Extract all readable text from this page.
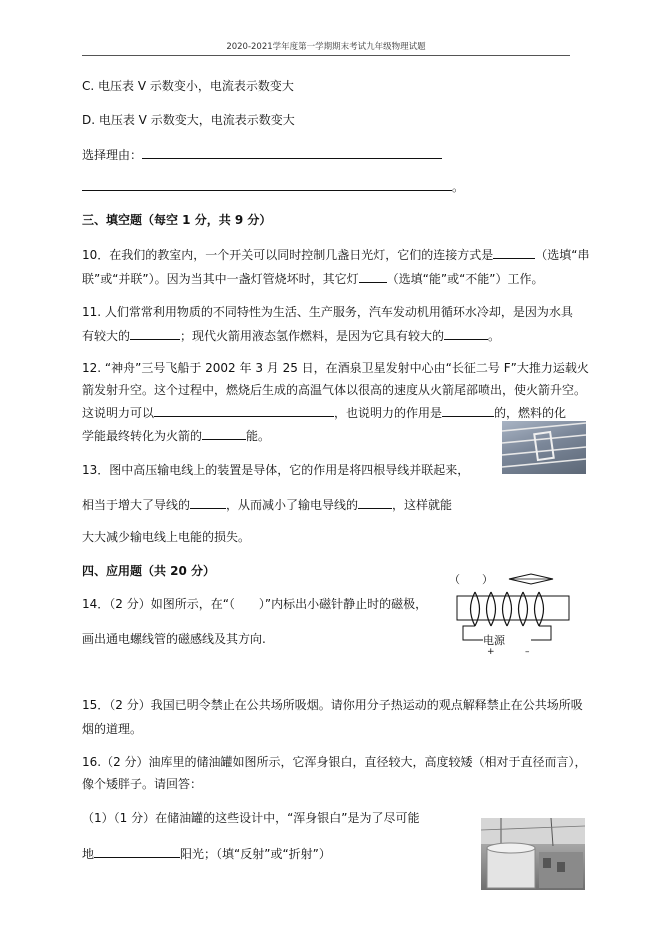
2020-2021学年度第一学期期末考试九年级物理试题
C. 电压表 V 示数变小，电流表示数变大
D. 电压表 V 示数变大，电流表示数变大
选择理由：
。
三、填空题（每空 1 分，共 9 分）
10．在我们的教室内，一个开关可以同时控制几盏日光灯，它们的连接方式是	（选填“串
联”或“并联”）。因为当其中一盏灯管烧坏时，其它灯 （选填“能”或“不能”）工作。
11. 人们常常利用物质的不同特性为生活、生产服务，汽车发动机用循环水冷却，是因为水具
有较大的	；现代火箭用液态氢作燃料，是因为它具有较大的	。
12. “神舟”三号飞船于 2002 年 3 月 25 日，在酒泉卫星发射中心由“长征二号 F”大推力运载火
箭发射升空。这个过程中，燃烧后生成的高温气体以很高的速度从火箭尾部喷出，使火箭升空。
这说明力可以	，也说明力的作用是	的，燃料的化
学能最终转化为火箭的	能。
13．图中高压输电线上的装置是导体，它的作用是将四根导线并联起来，
相当于增大了导线的	，从而减小了输电导线的	，这样就能
大大减少输电线上电能的损失。
四、应用题（共 20 分）
14．（2 分）如图所示，在“（　　）”内标出小磁针静止时的磁极，
画出通电螺线管的磁感线及其方向.
（　　）
电源
+	–
15．（2 分）我国已明令禁止在公共场所吸烟。请你用分子热运动的观点解释禁止在公共场所吸
烟的道理。
16.（2 分）油库里的储油罐如图所示，它浑身银白，直径较大，高度较矮（相对于直径而言），
像个矮胖子。请回答：
（1）（1 分）在储油罐的这些设计中，“浑身银白”是为了尽可能
地	阳光；（填“反射”或“折射”）
